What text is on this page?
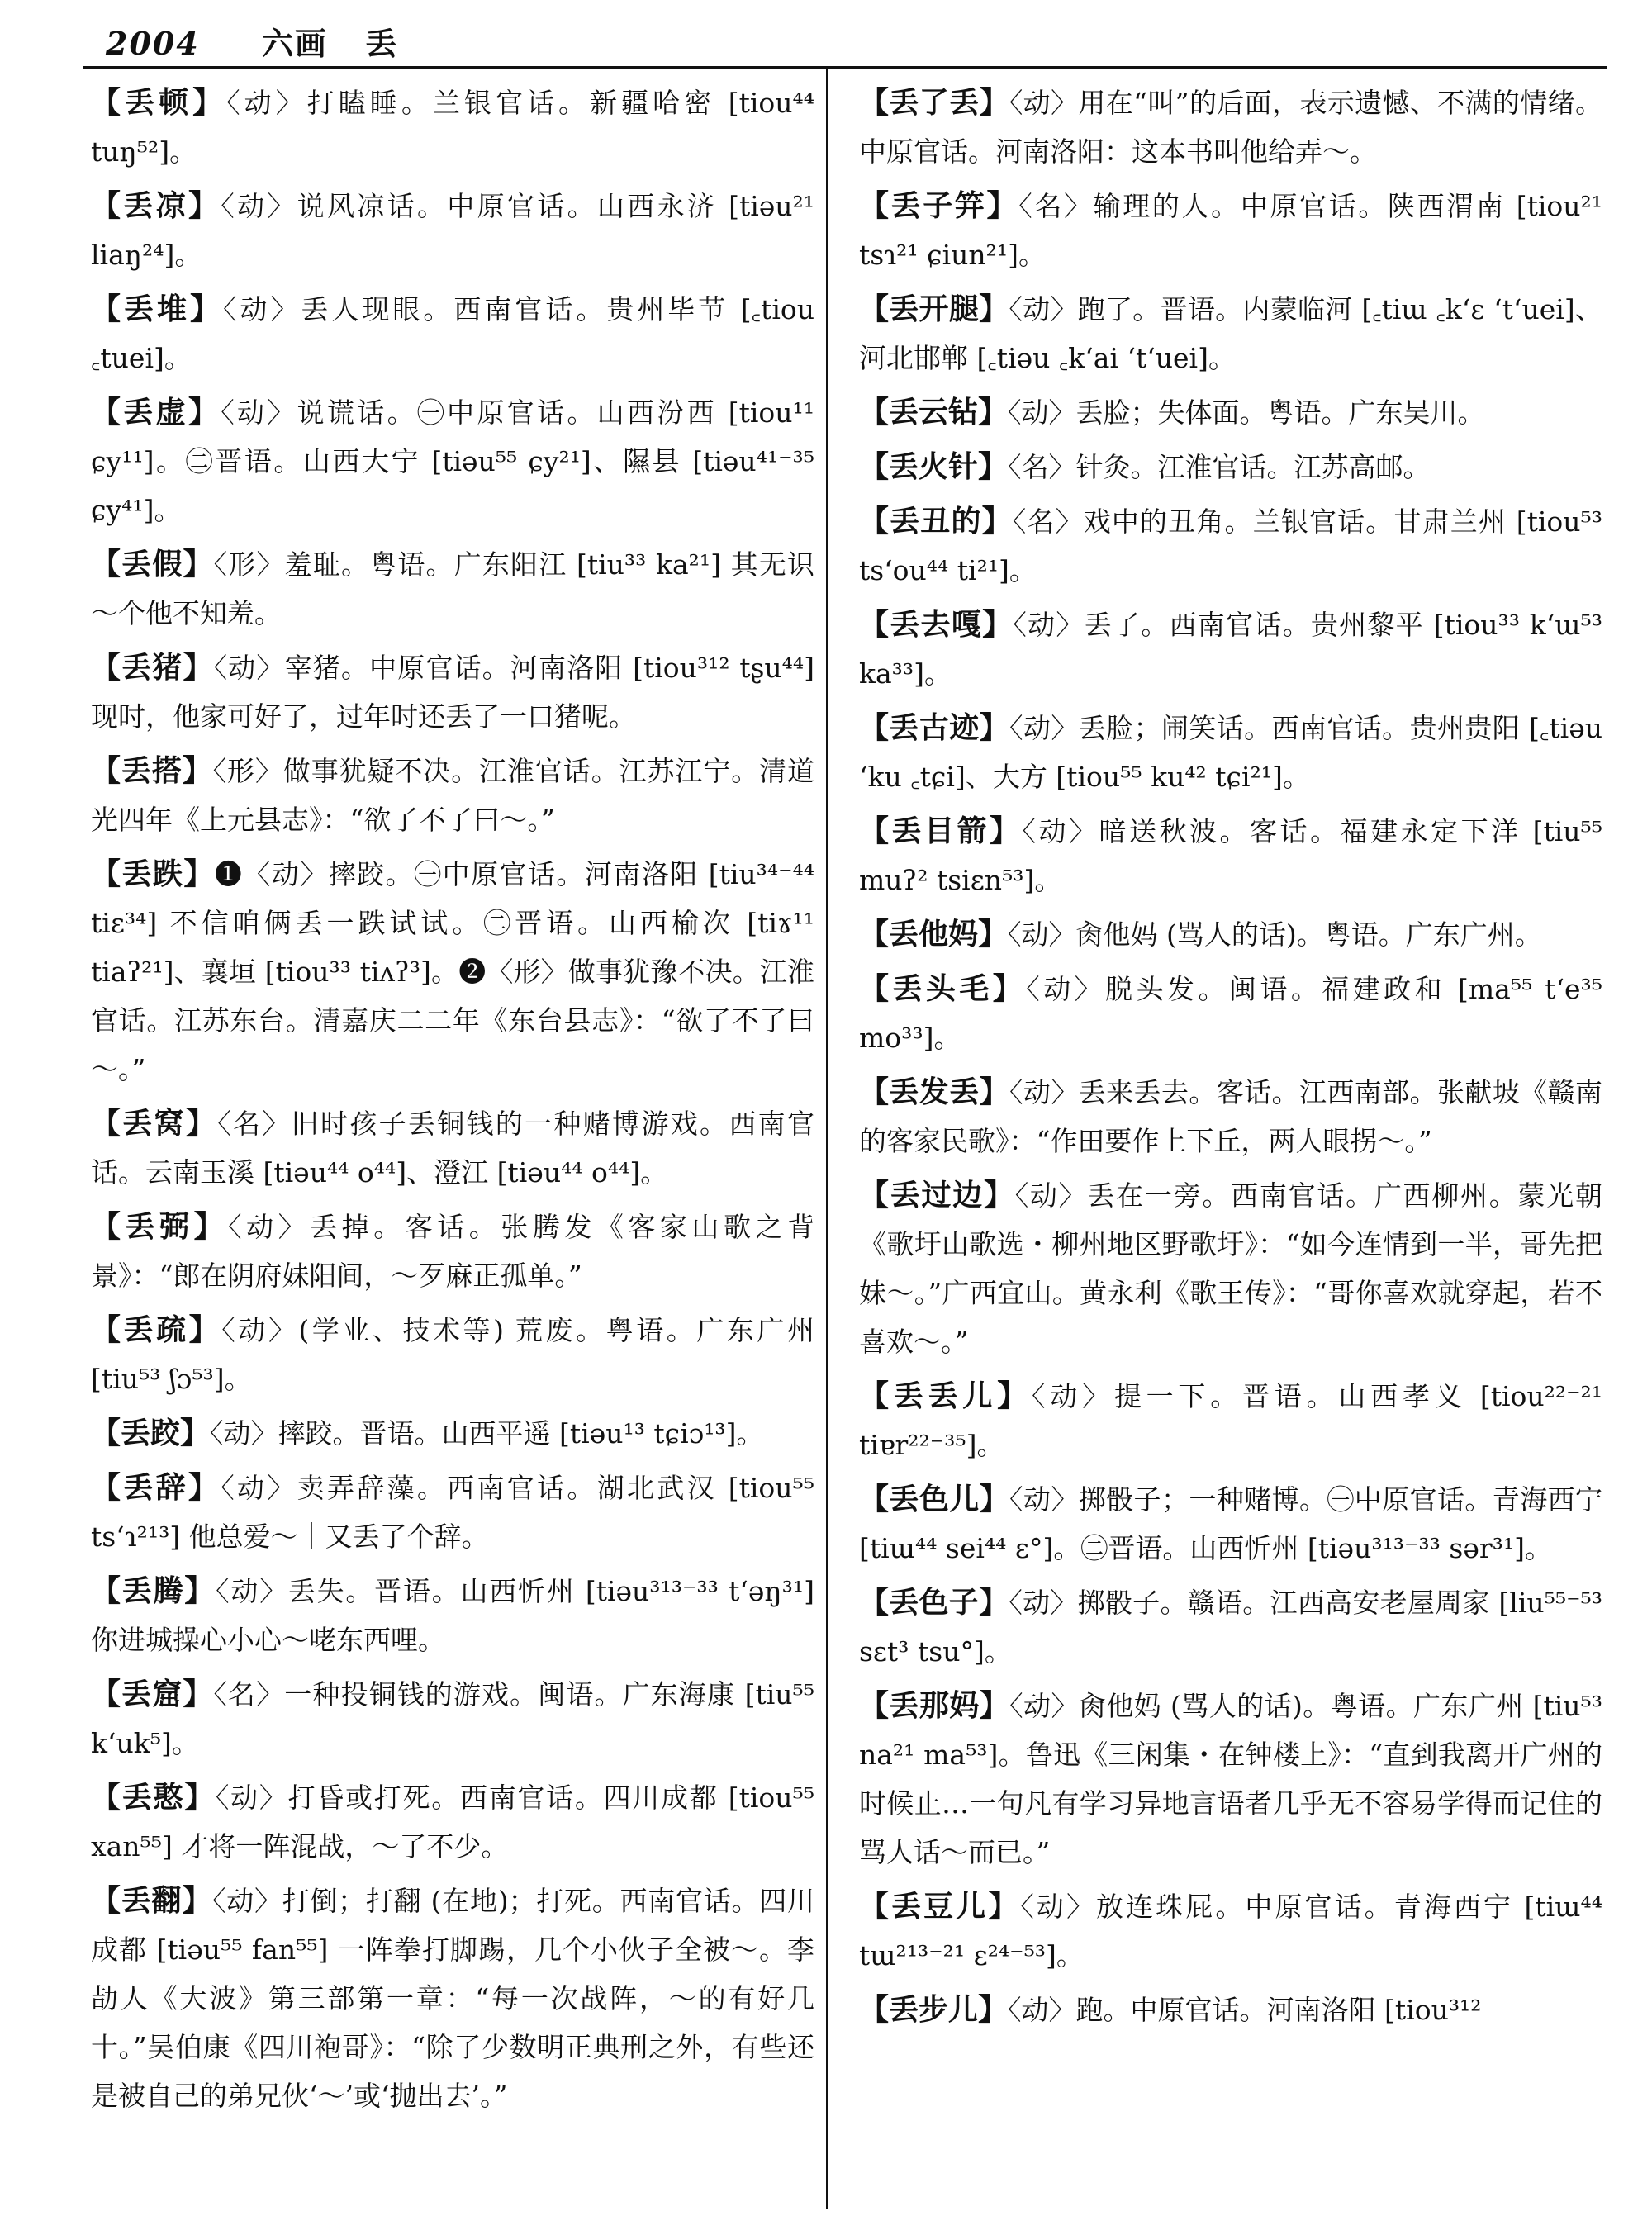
2004 六画 丢
【丢顿】〈动〉打瞌睡。兰银官话。新疆哈密 [tiou⁴⁴ tuŋ⁵²]。
【丢凉】〈动〉说风凉话。中原官话。山西永济 [tiəu²¹ liaŋ²⁴]。
【丢堆】〈动〉丢人现眼。西南官话。贵州毕节 [꜀tiou ꜀tuei]。
【丢虚】〈动〉说谎话。㊀中原官话。山西汾西 [tiou¹¹ ɕy¹¹]。㊁晋语。山西大宁 [tiəu⁵⁵ ɕy²¹]、隰县 [tiəu⁴¹⁻³⁵ ɕy⁴¹]。
【丢假】〈形〉羞耻。粤语。广东阳江 [tiu³³ ka²¹] 其无识～个他不知羞。
【丢猪】〈动〉宰猪。中原官话。河南洛阳 [tiou³¹² tʂu⁴⁴] 现时，他家可好了，过年时还丢了一口猪呢。
【丢搭】〈形〉做事犹疑不决。江淮官话。江苏江宁。清道光四年《上元县志》：“欲了不了曰～。”
【丢跌】❶〈动〉摔跤。㊀中原官话。河南洛阳 [tiu³⁴⁻⁴⁴ tiɛ³⁴] 不信咱俩丢一跌试试。㊁晋语。山西榆次 [tiɤ¹¹ tiaʔ²¹]、襄垣 [tiou³³ tiʌʔ³]。❷〈形〉做事犹豫不决。江淮官话。江苏东台。清嘉庆二二年《东台县志》：“欲了不了曰～。”
【丢窝】〈名〉旧时孩子丢铜钱的一种赌博游戏。西南官话。云南玉溪 [tiəu⁴⁴ o⁴⁴]、澄江 [tiəu⁴⁴ o⁴⁴]。
【丢弼】〈动〉丢掉。客话。张腾发《客家山歌之背景》：“郎在阴府妹阳间，～歹麻正孤单。”
【丢疏】〈动〉(学业、技术等) 荒废。粤语。广东广州 [tiu⁵³ ʃɔ⁵³]。
【丢跤】〈动〉摔跤。晋语。山西平遥 [tiəu¹³ tɕiɔ¹³]。
【丢辞】〈动〉卖弄辞藻。西南官话。湖北武汉 [tiou⁵⁵ tsʻɿ²¹³] 他总爱～｜又丢了个辞。
【丢腾】〈动〉丢失。晋语。山西忻州 [tiəu³¹³⁻³³ tʻəŋ³¹] 你进城操心小心～咾东西哩。
【丢窟】〈名〉一种投铜钱的游戏。闽语。广东海康 [tiu⁵⁵ kʻuk⁵]。
【丢憨】〈动〉打昏或打死。西南官话。四川成都 [tiou⁵⁵ xan⁵⁵] 才将一阵混战，～了不少。
【丢翻】〈动〉打倒；打翻 (在地)；打死。西南官话。四川成都 [tiəu⁵⁵ fan⁵⁵] 一阵拳打脚踢，几个小伙子全被～。李劼人《大波》第三部第一章：“每一次战阵，～的有好几十。”吴伯康《四川袍哥》：“除了少数明正典刑之外，有些还是被自己的弟兄伙‘～’或‘抛出去’。”
【丢了丢】〈动〉用在“叫”的后面，表示遗憾、不满的情绪。中原官话。河南洛阳：这本书叫他给弄～。
【丢子笄】〈名〉输理的人。中原官话。陕西渭南 [tiou²¹ tsɿ²¹ ɕiun²¹]。
【丢开腿】〈动〉跑了。晋语。内蒙临河 [꜀tiɯ ꜀kʻɛ ʻtʻuei]、河北邯郸 [꜀tiəu ꜀kʻai ʻtʻuei]。
【丢云钻】〈动〉丢脸；失体面。粤语。广东吴川。
【丢火针】〈名〉针灸。江淮官话。江苏高邮。
【丢丑的】〈名〉戏中的丑角。兰银官话。甘肃兰州 [tiou⁵³ tsʻou⁴⁴ ti²¹]。
【丢去嘎】〈动〉丢了。西南官话。贵州黎平 [tiou³³ kʻɯ⁵³ ka³³]。
【丢古迹】〈动〉丢脸；闹笑话。西南官话。贵州贵阳 [꜀tiəu ʻku ꜀tɕi]、大方 [tiou⁵⁵ ku⁴² tɕi²¹]。
【丢目箭】〈动〉暗送秋波。客话。福建永定下洋 [tiu⁵⁵ muʔ² tsiɛn⁵³]。
【丢他妈】〈动〉肏他妈 (骂人的话)。粤语。广东广州。
【丢头毛】〈动〉脱头发。闽语。福建政和 [ma⁵⁵ tʻe³⁵ mo³³]。
【丢发丢】〈动〉丢来丢去。客话。江西南部。张献坡《赣南的客家民歌》：“作田要作上下丘，两人眼拐～。”
【丢过边】〈动〉丢在一旁。西南官话。广西柳州。蒙光朝《歌圩山歌选・柳州地区野歌圩》：“如今连情到一半，哥先把妹～。”广西宜山。黄永利《歌王传》：“哥你喜欢就穿起，若不喜欢～。”
【丢丢儿】〈动〉提一下。晋语。山西孝义 [tiou²²⁻²¹ tiɐr²²⁻³⁵]。
【丢色儿】〈动〉掷骰子；一种赌博。㊀中原官话。青海西宁 [tiɯ⁴⁴ sei⁴⁴ ɛ°]。㊁晋语。山西忻州 [tiəu³¹³⁻³³ sər³¹]。
【丢色子】〈动〉掷骰子。赣语。江西高安老屋周家 [liu⁵⁵⁻⁵³ sɛt³ tsu°]。
【丢那妈】〈动〉肏他妈 (骂人的话)。粤语。广东广州 [tiu⁵³ na²¹ ma⁵³]。鲁迅《三闲集・在钟楼上》：“直到我离开广州的时候止…一句凡有学习异地言语者几乎无不容易学得而记住的骂人话～而已。”
【丢豆儿】〈动〉放连珠屁。中原官话。青海西宁 [tiɯ⁴⁴ tɯ²¹³⁻²¹ ɛ²⁴⁻⁵³]。
【丢步儿】〈动〉跑。中原官话。河南洛阳 [tiou³¹²
